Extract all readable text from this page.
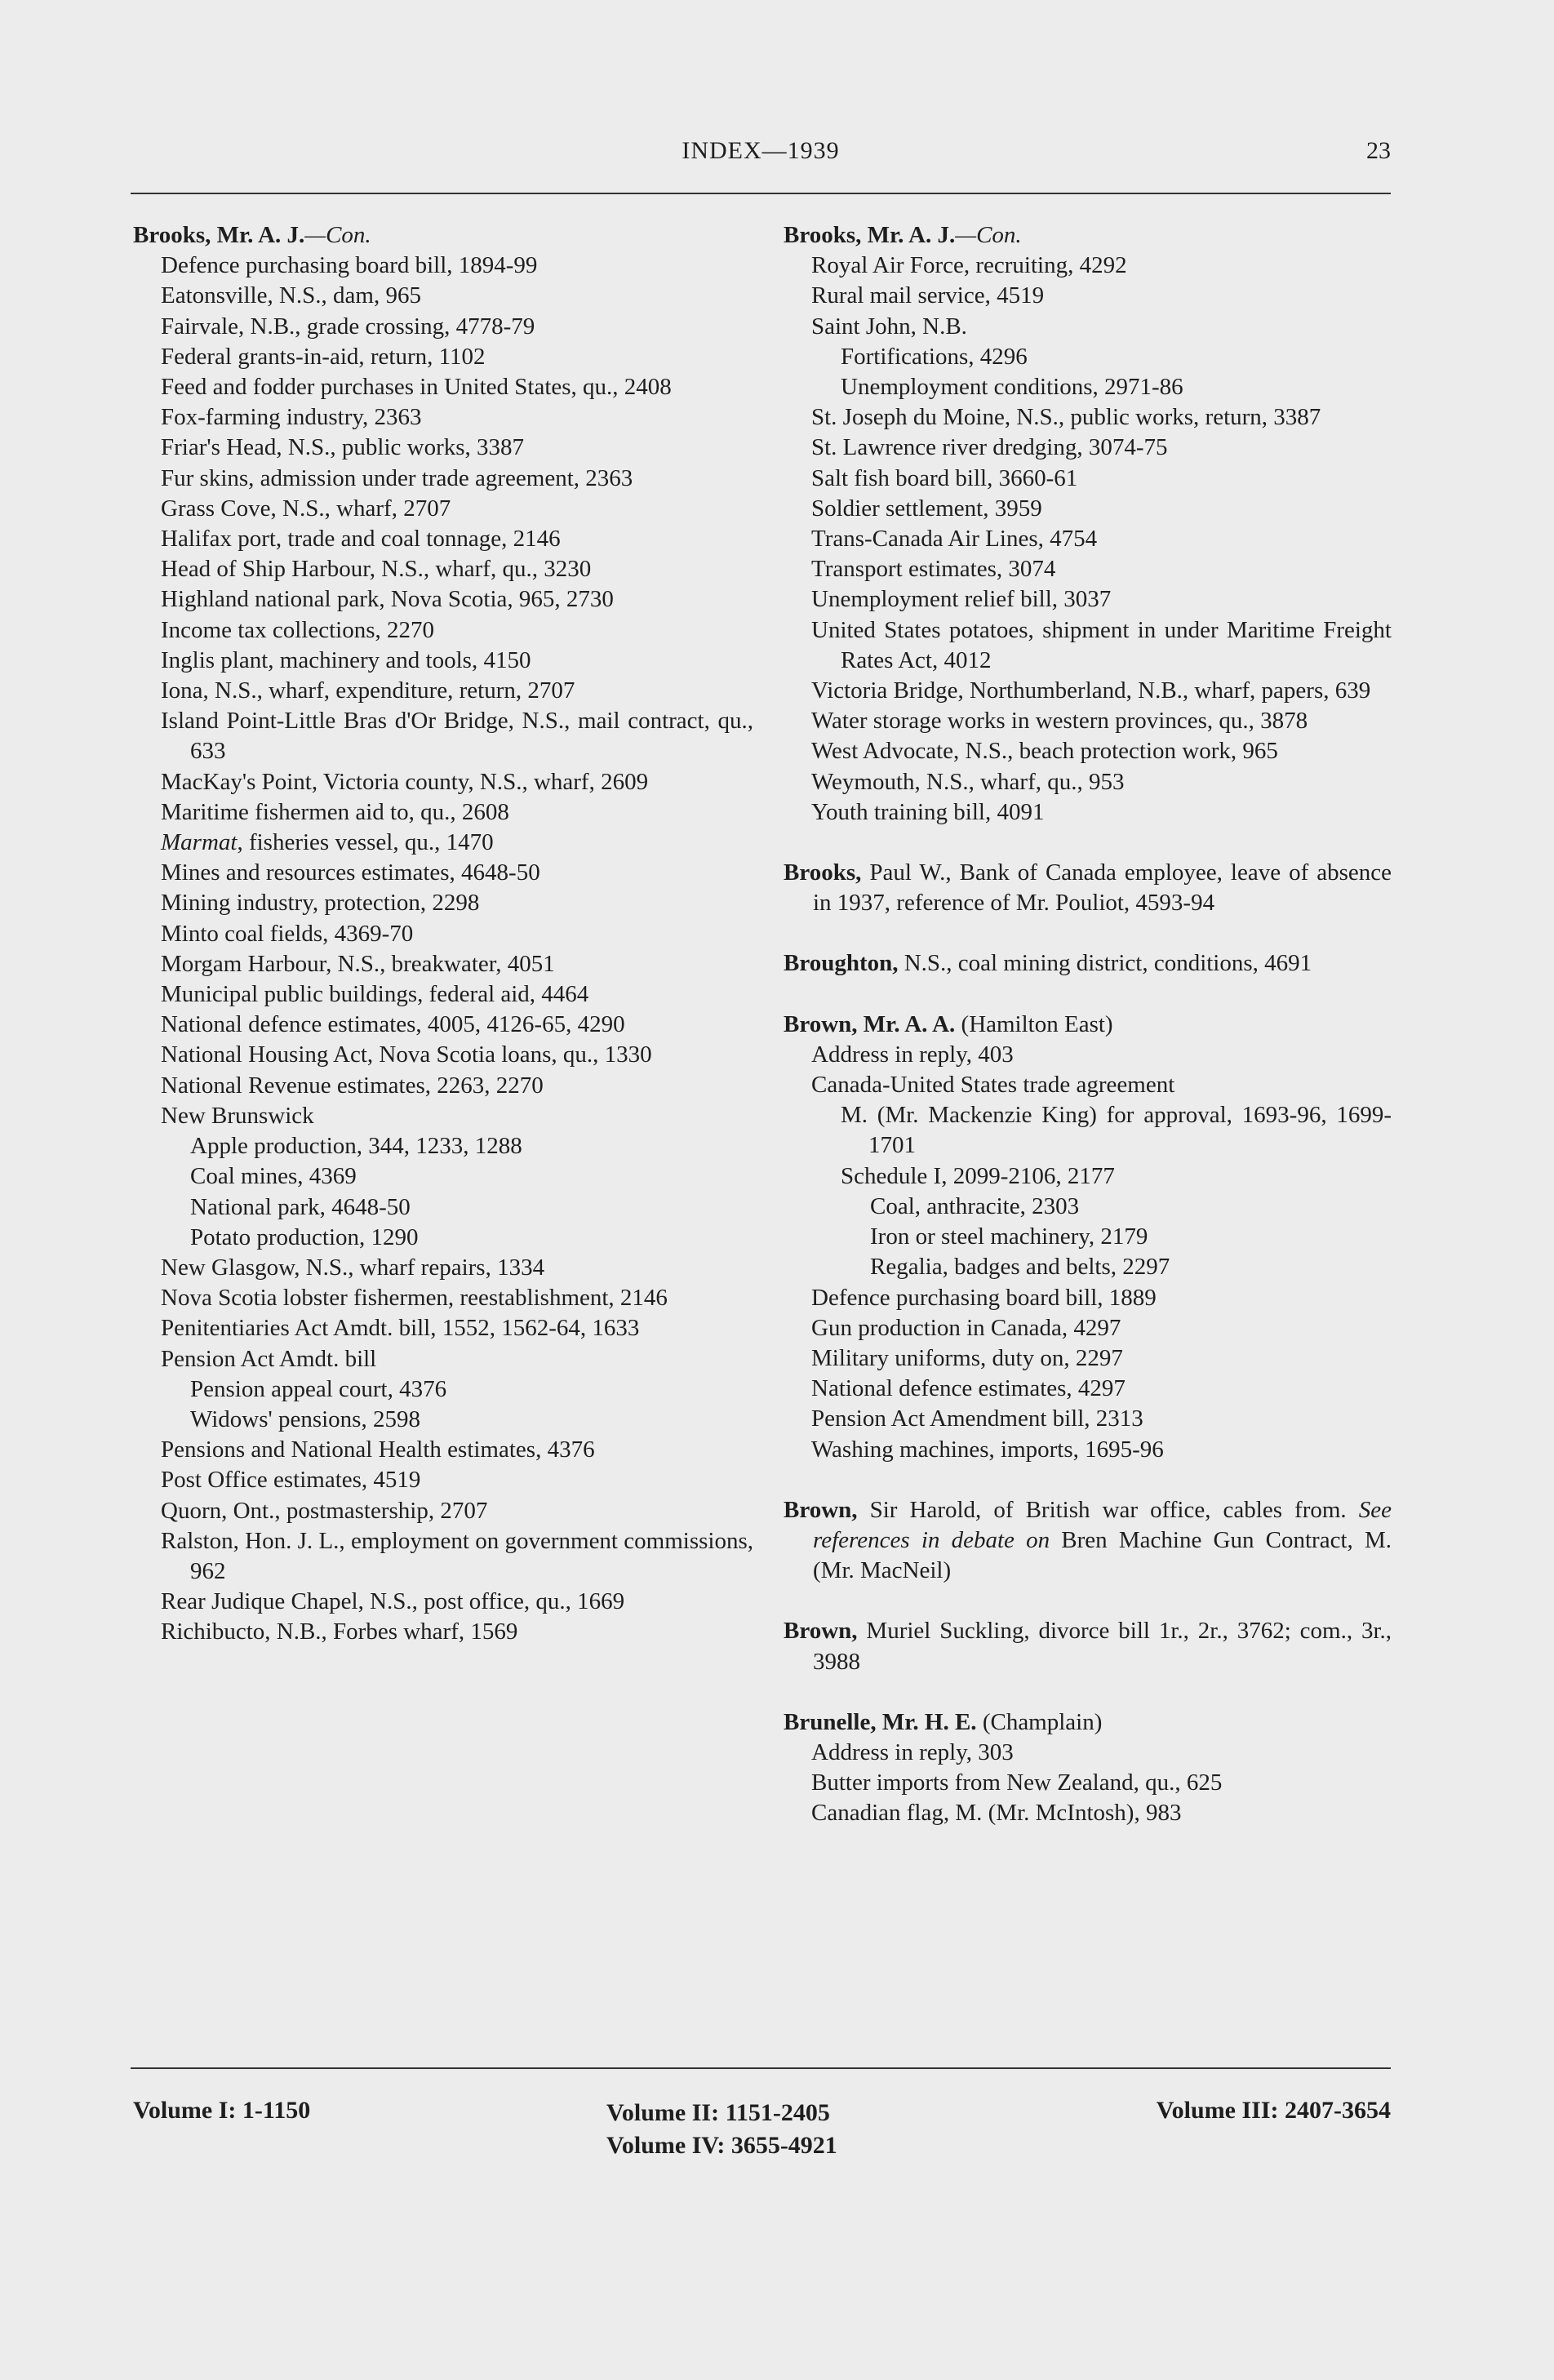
INDEX—1939	23

Brooks, Mr. A. J.—Con.

Defence purchasing board bill, 1894-99

Eatonsville, N.S., dam, 965

Fairvale, N.B., grade crossing, 4778-79

Federal grants-in-aid, return, 1102

Feed and fodder purchases in United States, qu., 2408

Fox-farming industry, 2363

Friar's Head, N.S., public works, 3387

Fur skins, admission under trade agreement, 2363

Grass Cove, N.S., wharf, 2707

Halifax port, trade and coal tonnage, 2146

Head of Ship Harbour, N.S., wharf, qu., 3230

Highland national park, Nova Scotia, 965, 2730

Income tax collections, 2270

Inglis plant, machinery and tools, 4150

Iona, N.S., wharf, expenditure, return, 2707

Island Point-Little Bras d'Or Bridge, N.S., mail contract, qu., 633

MacKay's Point, Victoria county, N.S., wharf, 2609

Maritime fishermen aid to, qu., 2608

Marmat, fisheries vessel, qu., 1470

Mines and resources estimates, 4648-50

Mining industry, protection, 2298

Minto coal fields, 4369-70

Morgam Harbour, N.S., breakwater, 4051

Municipal public buildings, federal aid, 4464

National defence estimates, 4005, 4126-65, 4290

National Housing Act, Nova Scotia loans, qu., 1330

National Revenue estimates, 2263, 2270

New Brunswick

Apple production, 344, 1233, 1288

Coal mines, 4369

National park, 4648-50

Potato production, 1290

New Glasgow, N.S., wharf repairs, 1334

Nova Scotia lobster fishermen, reestablishment, 2146

Penitentiaries Act Amdt. bill, 1552, 1562-64, 1633

Pension Act Amdt. bill

Pension appeal court, 4376

Widows' pensions, 2598

Pensions and National Health estimates, 4376

Post Office estimates, 4519

Quorn, Ont., postmastership, 2707

Ralston, Hon. J. L., employment on government commissions, 962

Rear Judique Chapel, N.S., post office, qu., 1669

Richibucto, N.B., Forbes wharf, 1569

Brooks, Mr. A. J.—Con.

Royal Air Force, recruiting, 4292

Rural mail service, 4519

Saint John, N.B.

Fortifications, 4296

Unemployment conditions, 2971-86

St. Joseph du Moine, N.S., public works, return, 3387

St. Lawrence river dredging, 3074-75

Salt fish board bill, 3660-61

Soldier settlement, 3959

Trans-Canada Air Lines, 4754

Transport estimates, 3074

Unemployment relief bill, 3037

United States potatoes, shipment in under Maritime Freight Rates Act, 4012

Victoria Bridge, Northumberland, N.B., wharf, papers, 639

Water storage works in western provinces, qu., 3878

West Advocate, N.S., beach protection work, 965

Weymouth, N.S., wharf, qu., 953

Youth training bill, 4091

Brooks, Paul W., Bank of Canada employee, leave of absence in 1937, reference of Mr. Pouliot, 4593-94

Broughton, N.S., coal mining district, conditions, 4691

Brown, Mr. A. A. (Hamilton East)

Address in reply, 403

Canada-United States trade agreement

M. (Mr. Mackenzie King) for approval, 1693-96, 1699-1701

Schedule I, 2099-2106, 2177

Coal, anthracite, 2303

Iron or steel machinery, 2179

Regalia, badges and belts, 2297

Defence purchasing board bill, 1889

Gun production in Canada, 4297

Military uniforms, duty on, 2297

National defence estimates, 4297

Pension Act Amendment bill, 2313

Washing machines, imports, 1695-96

Brown, Sir Harold, of British war office, cables from. See references in debate on Bren Machine Gun Contract, M. (Mr. MacNeil)

Brown, Muriel Suckling, divorce bill 1r., 2r., 3762; com., 3r., 3988

Brunelle, Mr. H. E. (Champlain)

Address in reply, 303

Butter imports from New Zealand, qu., 625

Canadian flag, M. (Mr. McIntosh), 983

Volume I: 1-1150	Volume II: 1151-2405
Volume IV: 3655-4921
Volume III: 2407-3654
